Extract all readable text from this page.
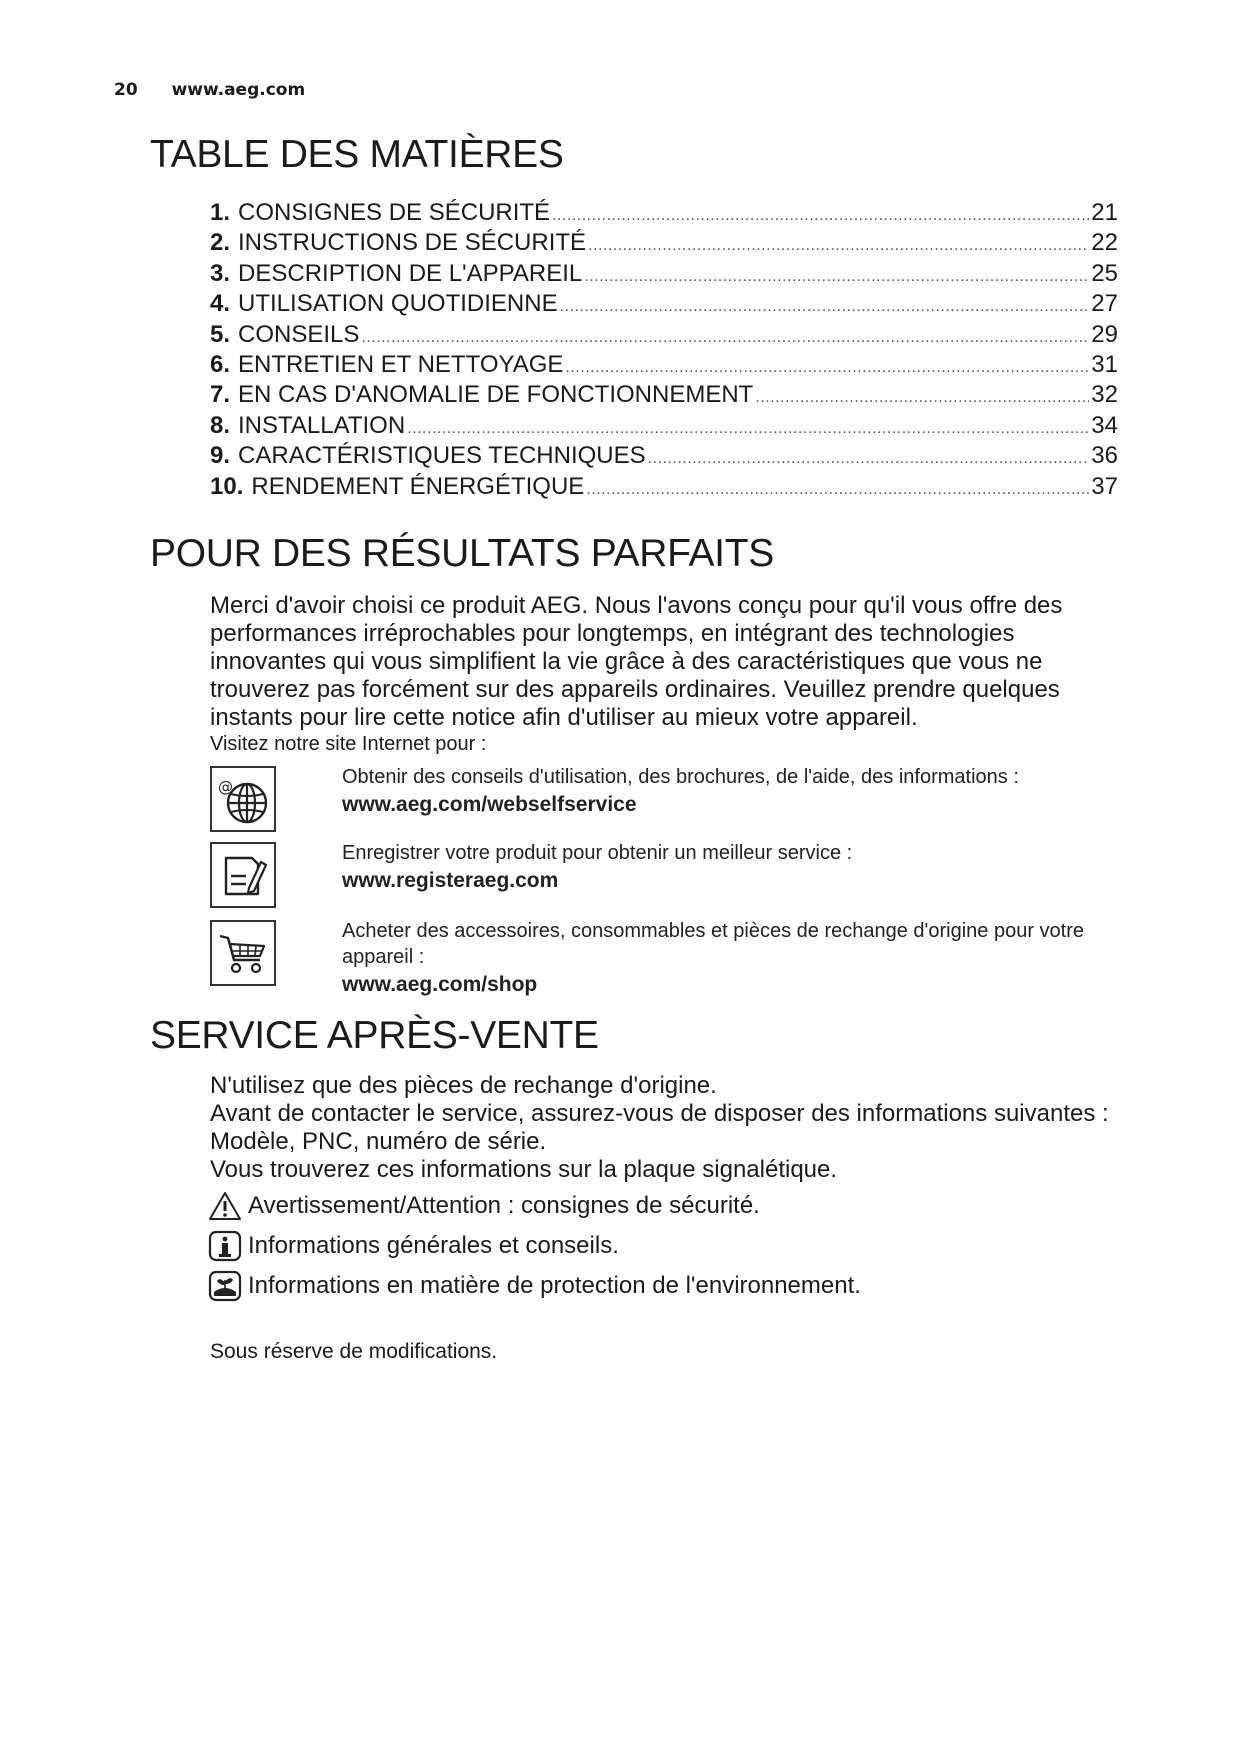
20 www.aeg.com
TABLE DES MATIÈRES
1. CONSIGNES DE SÉCURITÉ .....	21
2. INSTRUCTIONS DE SÉCURITÉ .....	22
3. DESCRIPTION DE L'APPAREIL .....	25
4. UTILISATION QUOTIDIENNE .....	27
5. CONSEILS .....	29
6. ENTRETIEN ET NETTOYAGE .....	31
7. EN CAS D'ANOMALIE DE FONCTIONNEMENT .....	32
8. INSTALLATION .....	34
9. CARACTÉRISTIQUES TECHNIQUES .....	36
10. RENDEMENT ÉNERGÉTIQUE .....	37
POUR DES RÉSULTATS PARFAITS

Merci d'avoir choisi ce produit AEG. Nous l'avons conçu pour qu'il vous offre des performances irréprochables pour longtemps, en intégrant des technologies innovantes qui vous simplifient la vie grâce à des caractéristiques que vous ne trouverez pas forcément sur des appareils ordinaires. Veuillez prendre quelques instants pour lire cette notice afin d'utiliser au mieux votre appareil.

Visitez notre site Internet pour :

@	Obtenir des conseils d'utilisation, des brochures, de l'aide, des informations :
www.aeg.com/webselfservice
Enregistrer votre produit pour obtenir un meilleur service :
www.registeraeg.com
Acheter des accessoires, consommables et pièces de rechange d'origine pour votre appareil :
www.aeg.com/shop
SERVICE APRÈS-VENTE
N'utilisez que des pièces de rechange d'origine.
Avant de contacter le service, assurez-vous de disposer des informations suivantes : Modèle, PNC, numéro de série.
Vous trouverez ces informations sur la plaque signalétique.
Avertissement/Attention : consignes de sécurité.
Informations générales et conseils.
Informations en matière de protection de l'environnement.

Sous réserve de modifications.
